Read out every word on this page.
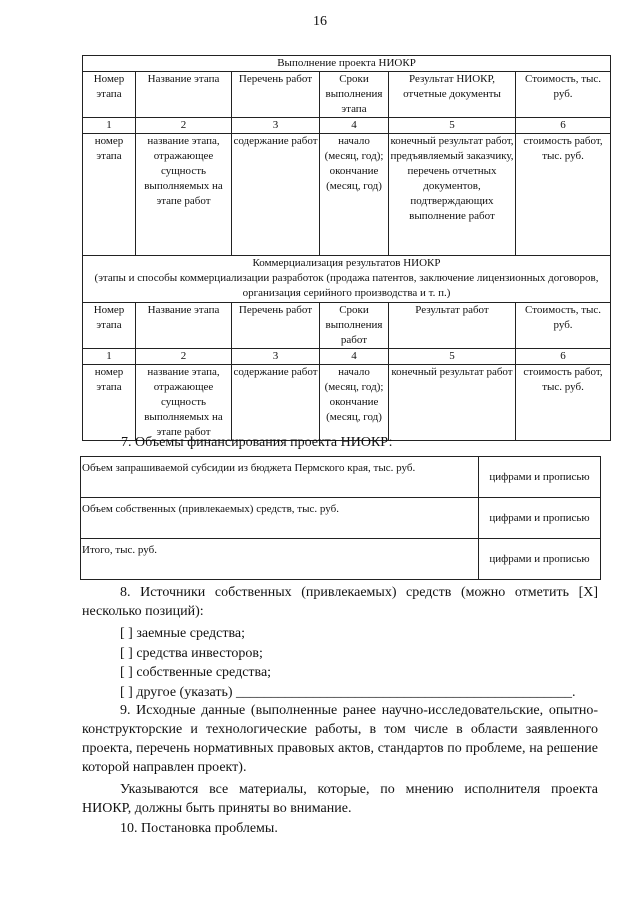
16
Выполнение проекта НИОКР					
Номер этапа	Название этапа	Перечень работ	Сроки выполнения этапа	Результат НИОКР, отчетные документы	Стоимость, тыс. руб.
1	2	3	4	5	6
номер этапа	название этапа, отражающее сущность выполняемых на этапе работ	содержание работ	начало (месяц, год); окончание (месяц, год)	конечный результат работ, предъявляемый заказчику, перечень отчетных документов, подтверждающих выполнение работ	стоимость работ, тыс. руб.

Коммерциализация результатов НИОКР
(этапы и способы коммерциализации разработок (продажа патентов, заключение лицензионных договоров, организация серийного производства и т. п.)					

Номер этапа	Название этапа	Перечень работ	Сроки выполнения работ	Результат работ	Стоимость, тыс. руб.
1	2	3	4	5	6
номер этапа	название этапа, отражающее сущность выполняемых на этапе работ	содержание работ	начало (месяц, год); окончание (месяц, год)	конечный результат работ	стоимость работ, тыс. руб.
7. Объемы финансирования проекта НИОКР:
Объем запрашиваемой субсидии из бюджета Пермского края, тыс. руб.	цифрами и прописью
Объем собственных (привлекаемых) средств, тыс. руб.	цифрами и прописью
Итого, тыс. руб.	цифрами и прописью
8. Источники собственных (привлекаемых) средств (можно отметить [X] несколько позиций):
[ ] заемные средства;
[ ] средства инвесторов;
[ ] собственные средства;
[ ] другое (указать) ________________________________________________.
9. Исходные данные (выполненные ранее научно-исследовательские, опытно-конструкторские и технологические работы, в том числе в области заявленного проекта, перечень нормативных правовых актов, стандартов по проблеме, на решение которой направлен проект).
Указываются все материалы, которые, по мнению исполнителя проекта НИОКР, должны быть приняты во внимание.
10. Постановка проблемы.
